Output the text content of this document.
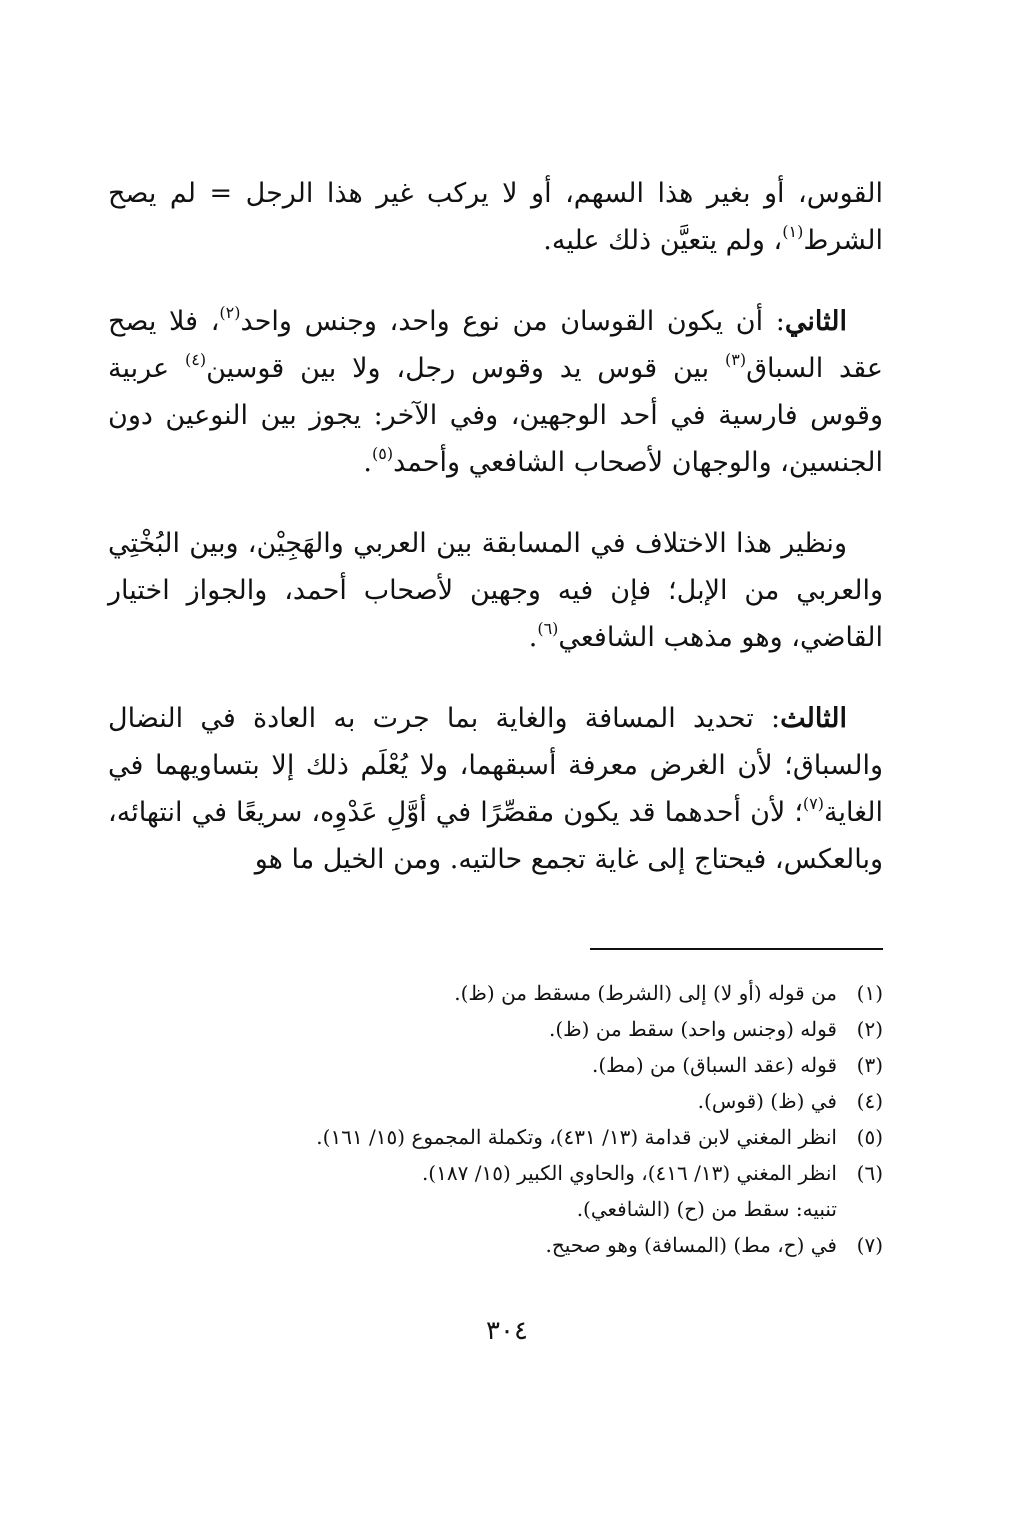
القوس، أو بغير هذا السهم، أو لا يركب غير هذا الرجل = لم يصح الشرط$^{(١)}$، ولم يتعيَّن ذلك عليه.

الثاني: أن يكون القوسان من نوع واحد، وجنس واحد$^{(٢)}$، فلا يصح عقد السباق$^{(٣)}$ بين قوس يد وقوس رجل، ولا بين قوسين$^{(٤)}$ عربية وقوس فارسية في أحد الوجهين، وفي الآخر: يجوز بين النوعين دون الجنسين، والوجهان لأصحاب الشافعي وأحمد$^{(٥)}$.

ونظير هذا الاختلاف في المسابقة بين العربي والهَجِيْن، وبين البُخْتِي والعربي من الإبل؛ فإن فيه وجهين لأصحاب أحمد، والجواز اختيار القاضي، وهو مذهب الشافعي$^{(٦)}$.

الثالث: تحديد المسافة والغاية بما جرت به العادة في النضال والسباق؛ لأن الغرض معرفة أسبقهما، ولا يُعْلَم ذلك إلا بتساويهما في الغاية$^{(٧)}$؛ لأن أحدهما قد يكون مقصِّرًا في أوَّلِ عَدْوِه، سريعًا في انتهائه، وبالعكس، فيحتاج إلى غاية تجمع حالتيه. ومن الخيل ما هو

(١)
من قوله (أو لا) إلى (الشرط) مسقط من (ظ).
(٢)
قوله (وجنس واحد) سقط من (ظ).
(٣)
قوله (عقد السباق) من (مط).
(٤)
في (ظ) (قوس).
(٥)
انظر المغني لابن قدامة (١٣/ ٤٣١)، وتكملة المجموع (١٥/ ١٦١).
(٦)
انظر المغني (١٣/ ٤١٦)، والحاوي الكبير (١٥/ ١٨٧).
تنبيه: سقط من (ح) (الشافعي).
(٧)
في (ح، مط) (المسافة) وهو صحيح.
٣٠٤
